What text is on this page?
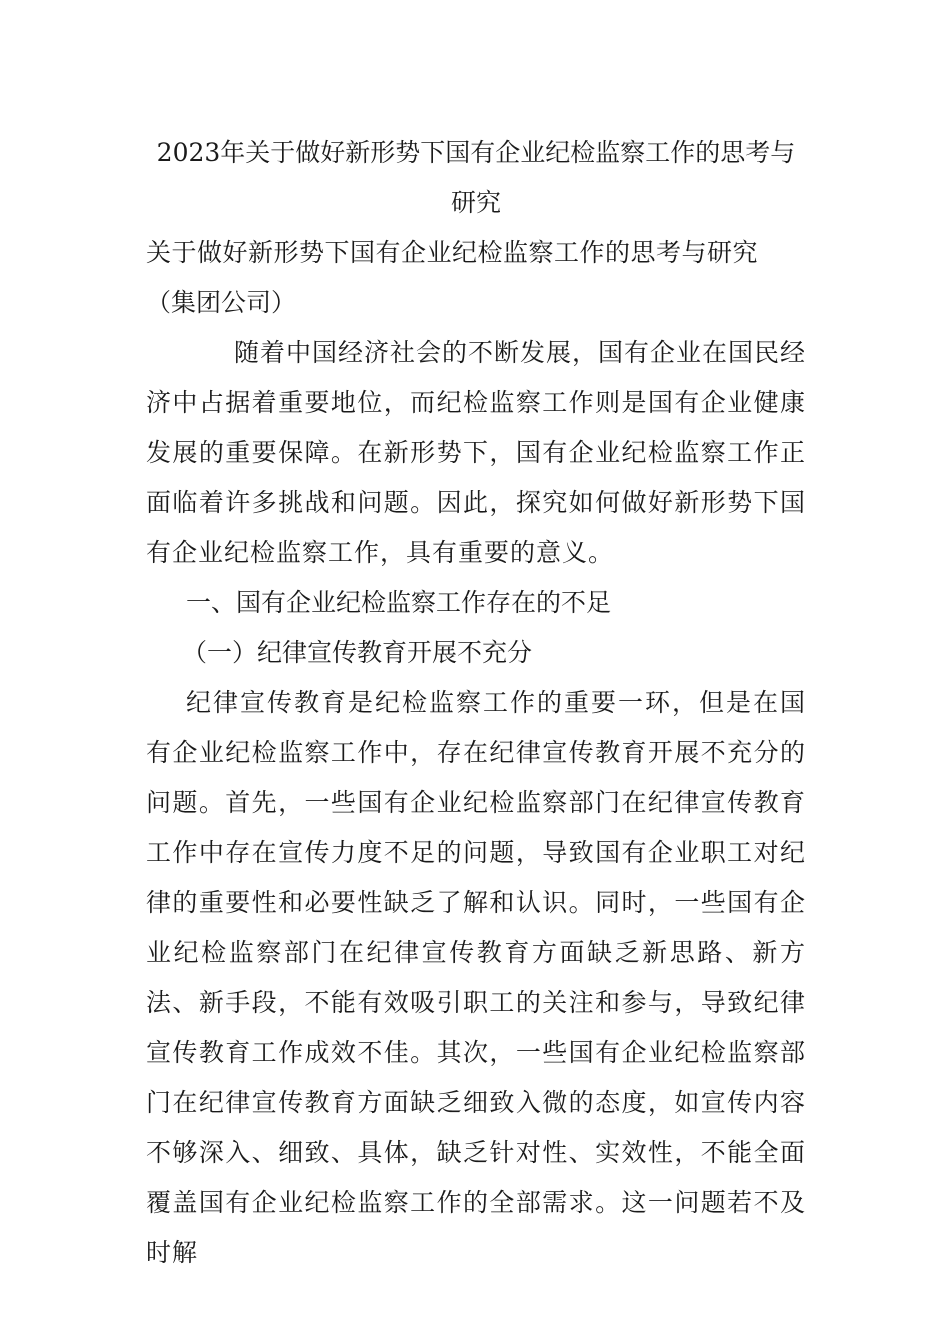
2023年关于做好新形势下国有企业纪检监察工作的思考与研究

关于做好新形势下国有企业纪检监察工作的思考与研究

（集团公司）

随着中国经济社会的不断发展，国有企业在国民经济中占据着重要地位，而纪检监察工作则是国有企业健康发展的重要保障。在新形势下，国有企业纪检监察工作正面临着许多挑战和问题。因此，探究如何做好新形势下国有企业纪检监察工作，具有重要的意义。

一、国有企业纪检监察工作存在的不足

（一）纪律宣传教育开展不充分

纪律宣传教育是纪检监察工作的重要一环，但是在国有企业纪检监察工作中，存在纪律宣传教育开展不充分的问题。首先，一些国有企业纪检监察部门在纪律宣传教育工作中存在宣传力度不足的问题，导致国有企业职工对纪律的重要性和必要性缺乏了解和认识。同时，一些国有企业纪检监察部门在纪律宣传教育方面缺乏新思路、新方法、新手段，不能有效吸引职工的关注和参与，导致纪律宣传教育工作成效不佳。其次，一些国有企业纪检监察部门在纪律宣传教育方面缺乏细致入微的态度，如宣传内容不够深入、细致、具体，缺乏针对性、实效性，不能全面覆盖国有企业纪检监察工作的全部需求。这一问题若不及时解
